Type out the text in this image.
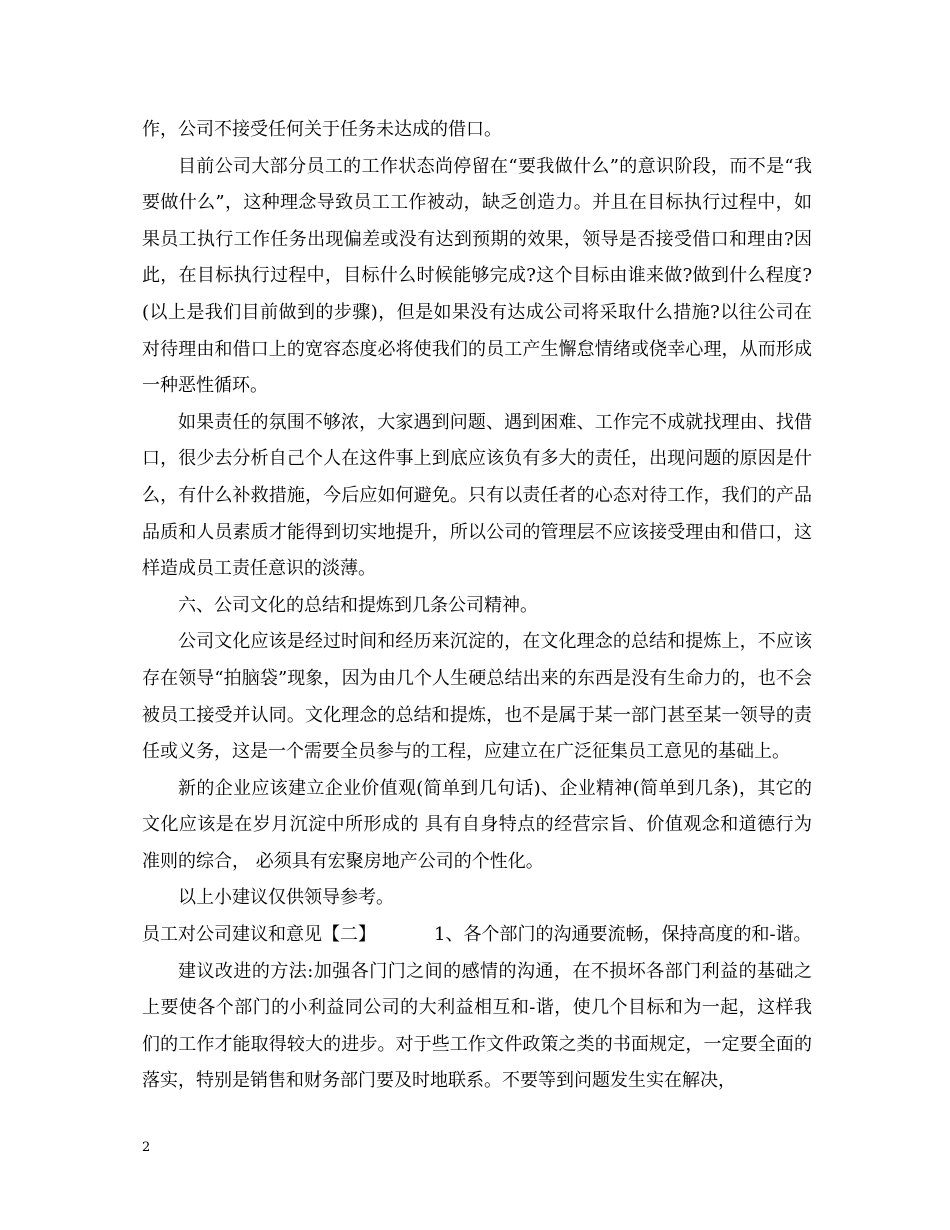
作，公司不接受任何关于任务未达成的借口。

目前公司大部分员工的工作状态尚停留在“要我做什么”的意识阶段，而不是“我要做什么”，这种理念导致员工工作被动，缺乏创造力。并且在目标执行过程中，如果员工执行工作任务出现偏差或没有达到预期的效果，领导是否接受借口和理由?因此，在目标执行过程中，目标什么时候能够完成?这个目标由谁来做?做到什么程度?(以上是我们目前做到的步骤)，但是如果没有达成公司将采取什么措施?以往公司在对待理由和借口上的宽容态度必将使我们的员工产生懈怠情绪或侥幸心理，从而形成一种恶性循环。

如果责任的氛围不够浓，大家遇到问题、遇到困难、工作完不成就找理由、找借口，很少去分析自己个人在这件事上到底应该负有多大的责任，出现问题的原因是什么，有什么补救措施，今后应如何避免。只有以责任者的心态对待工作，我们的产品品质和人员素质才能得到切实地提升，所以公司的管理层不应该接受理由和借口，这样造成员工责任意识的淡薄。

六、公司文化的总结和提炼到几条公司精神。

公司文化应该是经过时间和经历来沉淀的，在文化理念的总结和提炼上，不应该存在领导“拍脑袋”现象，因为由几个人生硬总结出来的东西是没有生命力的，也不会被员工接受并认同。文化理念的总结和提炼，也不是属于某一部门甚至某一领导的责任或义务，这是一个需要全员参与的工程，应建立在广泛征集员工意见的基础上。

新的企业应该建立企业价值观(简单到几句话)、企业精神(简单到几条)，其它的文化应该是在岁月沉淀中所形成的 具有自身特点的经营宗旨、价值观念和道德行为准则的综合， 必须具有宏聚房地产公司的个性化。

以上小建议仅供领导参考。

员工对公司建议和意见【二】	1、各个部门的沟通要流畅，保持高度的和-谐。

建议改进的方法:加强各门门之间的感情的沟通，在不损坏各部门利益的基础之上要使各个部门的小利益同公司的大利益相互和-谐，使几个目标和为一起，这样我们的工作才能取得较大的进步。对于些工作文件政策之类的书面规定，一定要全面的落实，特别是销售和财务部门要及时地联系。不要等到问题发生实在解决，

2
